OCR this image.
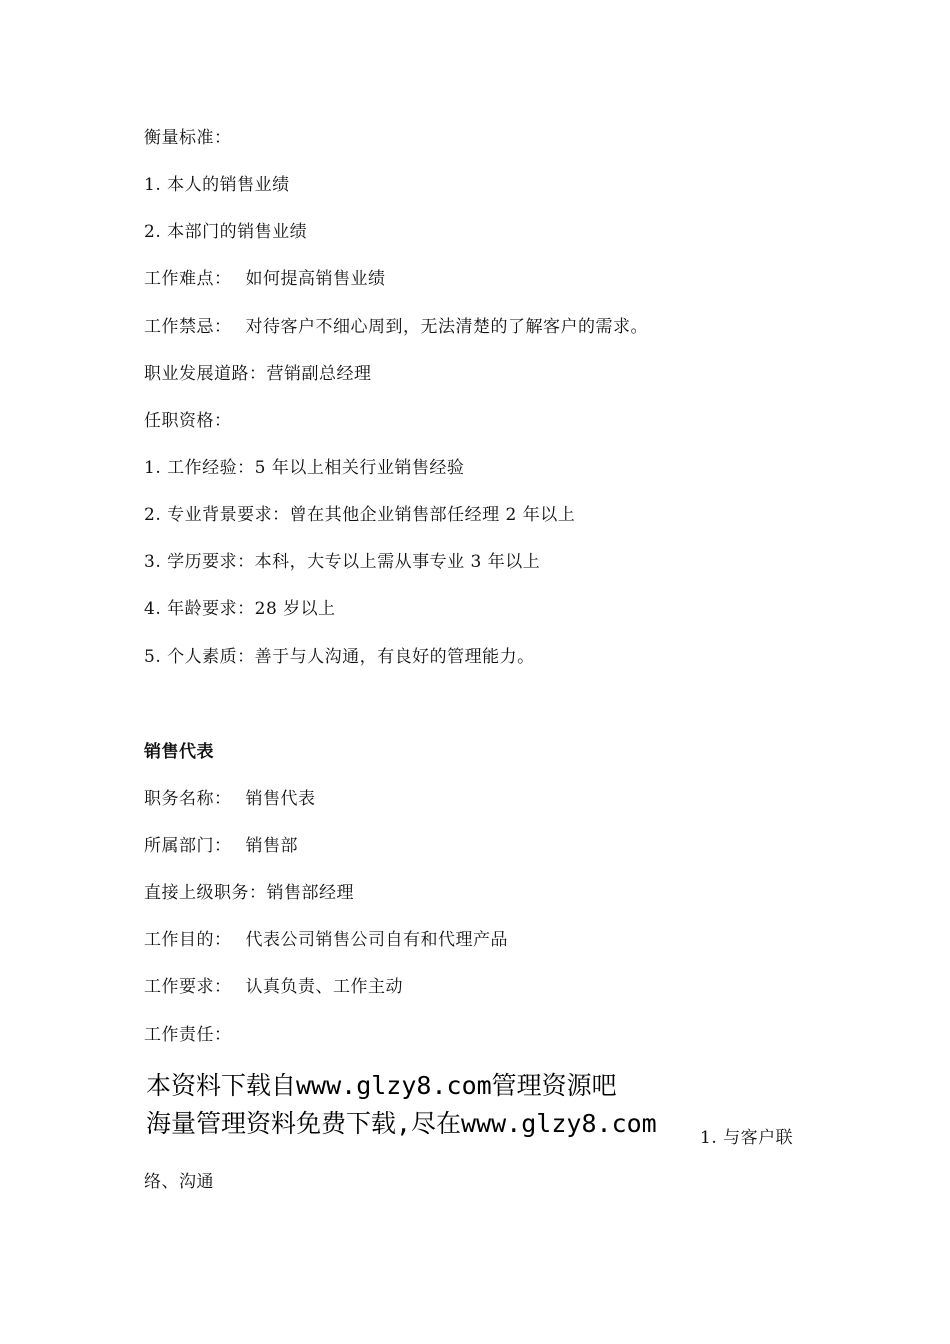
衡量标准：
1. 本人的销售业绩
2. 本部门的销售业绩
工作难点： 如何提高销售业绩
工作禁忌： 对待客户不细心周到，无法清楚的了解客户的需求。
职业发展道路：营销副总经理
任职资格：
1. 工作经验：5 年以上相关行业销售经验
2. 专业背景要求：曾在其他企业销售部任经理 2 年以上
3. 学历要求：本科，大专以上需从事专业 3 年以上
4. 年龄要求：28 岁以上
5. 个人素质：善于与人沟通，有良好的管理能力。
销售代表
职务名称： 销售代表
所属部门： 销售部
直接上级职务：销售部经理
工作目的： 代表公司销售公司自有和代理产品
工作要求： 认真负责、工作主动
工作责任：
本资料下载自www.glzy8.com管理资源吧
海量管理资料免费下载,尽在www.glzy8.com	1. 与客户联
络、沟通
